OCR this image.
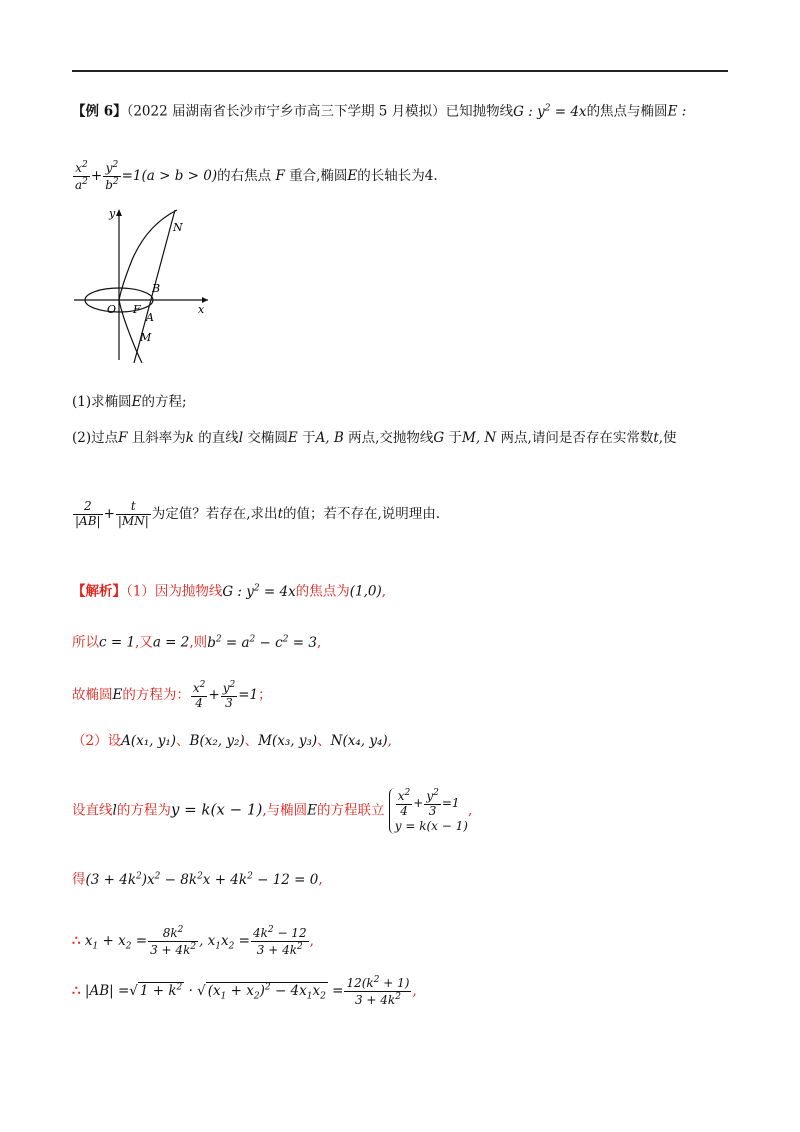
【例 6】（2022 届湖南省长沙市宁乡市高三下学期 5 月模拟）已知抛物线G : $y^2 = 4x$的焦点与椭圆E :
$\frac{x^2}{a^2} + \frac{y^2}{b^2} =1(a > b > 0)$的右焦点 F 重合,椭圆E的长轴长为4.
y
x
O F
B
A
M
N
(1)求椭圆E的方程;
(2)过点F 且斜率为k 的直线l 交椭圆E 于A, B 两点,交抛物线G 于M, N 两点,请问是否存在实常数t,使
$\frac{2}{|AB|} + \frac{t}{|MN|}$ 为定值？若存在,求出t的值；若不存在,说明理由.
【解析】（1）因为抛物线G : $y^2 = 4x$的焦点为(1,0),
所以c = 1,又a = 2,则$b^2 = a^2 - c^2 = 3$,
故椭圆E的方程为： $\frac{x^2}{4} + \frac{y^2}{3} =1$；
（2）设A(x₁, y₁)、B(x₂, y₂)、M(x₃, y₃)、N(x₄, y₄),
设直线l的方程为y = k(x − 1),与椭圆E的方程联立 $\frac{x^2}{4} + \frac{y^2}{3} =1$
y = k(x − 1)
,
得$(3 + 4k^2)x^2 - 8k^2x + 4k^2 - 12 = 0$,
∴ $x_1 + x_2 = \frac{8k^2}{3 + 4k^2}$ , $x_1x_2 = \frac{4k^2 - 12}{3 + 4k^2}$ ,
∴ |AB| =√ $1 + k^2$ · √ $(x_1 + x_2)^2 - 4x_1x_2 = \frac{12(k^2 + 1)}{3 + 4k^2}$ ,
